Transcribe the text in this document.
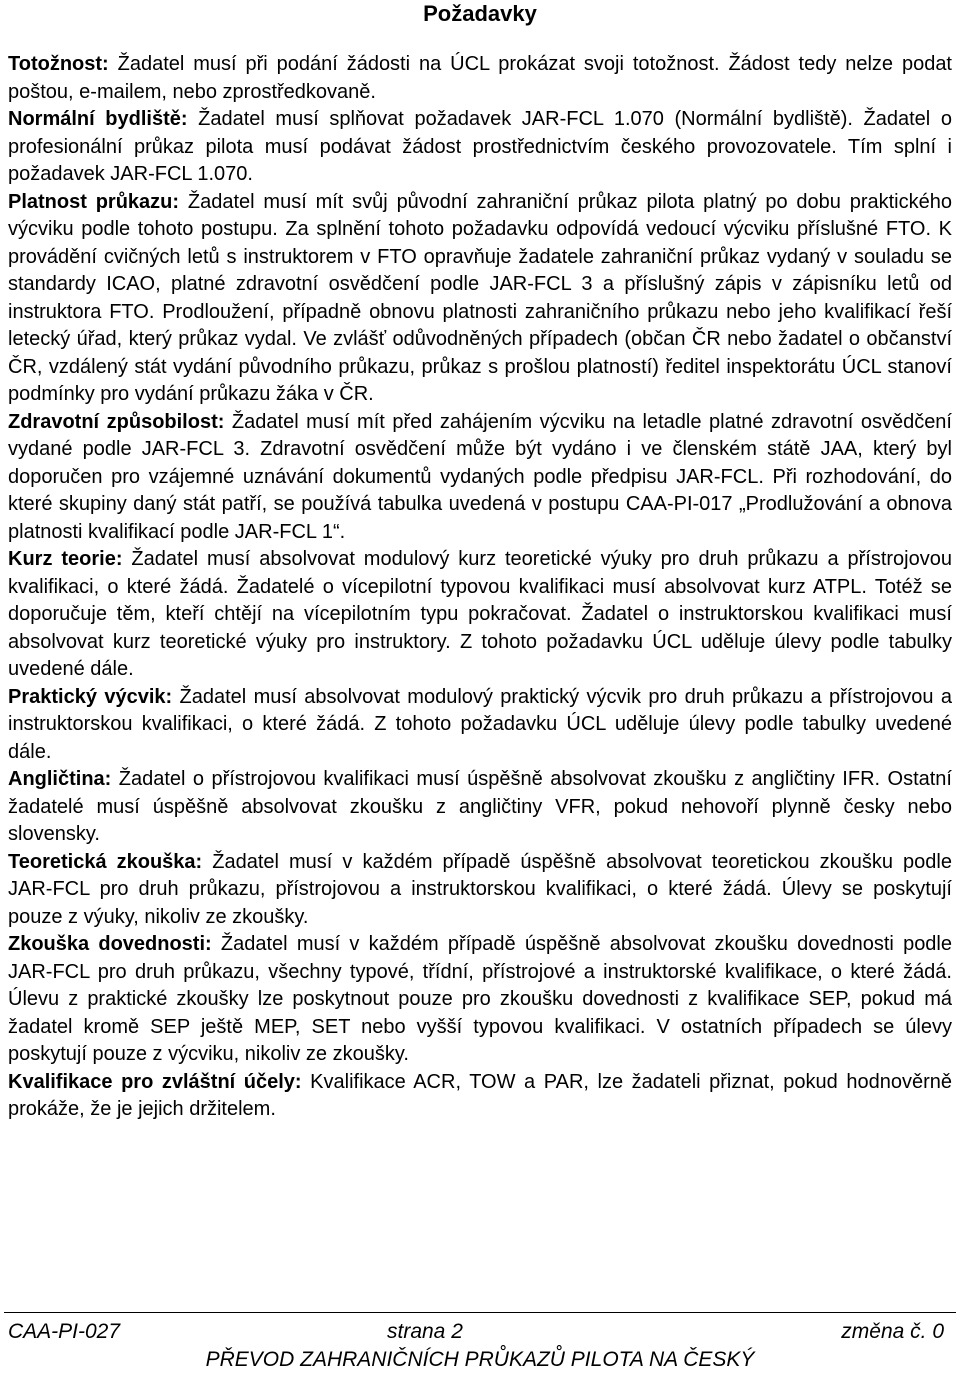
Požadavky

Totožnost: Žadatel musí při podání žádosti na ÚCL prokázat svoji totožnost. Žádost tedy nelze podat poštou, e-mailem, nebo zprostředkovaně.

Normální bydliště: Žadatel musí splňovat požadavek JAR-FCL 1.070 (Normální bydliště). Žadatel o profesionální průkaz pilota musí podávat žádost prostřednictvím českého provozovatele. Tím splní i požadavek JAR-FCL 1.070.

Platnost průkazu: Žadatel musí mít svůj původní zahraniční průkaz pilota platný po dobu praktického výcviku podle tohoto postupu. Za splnění tohoto požadavku odpovídá vedoucí výcviku příslušné FTO. K provádění cvičných letů s instruktorem v FTO opravňuje žadatele zahraniční průkaz vydaný v souladu se standardy ICAO, platné zdravotní osvědčení podle JAR-FCL 3 a příslušný zápis v zápisníku letů od instruktora FTO. Prodloužení, případně obnovu platnosti zahraničního průkazu nebo jeho kvalifikací řeší letecký úřad, který průkaz vydal. Ve zvlášť odůvodněných případech (občan ČR nebo žadatel o občanství ČR, vzdálený stát vydání původního průkazu, průkaz s prošlou platností) ředitel inspektorátu ÚCL stanoví podmínky pro vydání průkazu žáka v ČR.

Zdravotní způsobilost: Žadatel musí mít před zahájením výcviku na letadle platné zdravotní osvědčení vydané podle JAR-FCL 3. Zdravotní osvědčení může být vydáno i ve členském státě JAA, který byl doporučen pro vzájemné uznávání dokumentů vydaných podle předpisu JAR-FCL. Při rozhodování, do které skupiny daný stát patří, se používá tabulka uvedená v postupu CAA-PI-017 „Prodlužování a obnova platnosti kvalifikací podle JAR-FCL 1“.

Kurz teorie: Žadatel musí absolvovat modulový kurz teoretické výuky pro druh průkazu a přístrojovou kvalifikaci, o které žádá. Žadatelé o vícepilotní typovou kvalifikaci musí absolvovat kurz ATPL. Totéž se doporučuje těm, kteří chtějí na vícepilotním typu pokračovat. Žadatel o instruktorskou kvalifikaci musí absolvovat kurz teoretické výuky pro instruktory. Z tohoto požadavku ÚCL uděluje úlevy podle tabulky uvedené dále.

Praktický výcvik: Žadatel musí absolvovat modulový praktický výcvik pro druh průkazu a přístrojovou a instruktorskou kvalifikaci, o které žádá. Z tohoto požadavku ÚCL uděluje úlevy podle tabulky uvedené dále.

Angličtina: Žadatel o přístrojovou kvalifikaci musí úspěšně absolvovat zkoušku z angličtiny IFR. Ostatní žadatelé musí úspěšně absolvovat zkoušku z angličtiny VFR, pokud nehovoří plynně česky nebo slovensky.

Teoretická zkouška: Žadatel musí v každém případě úspěšně absolvovat teoretickou zkoušku podle JAR-FCL pro druh průkazu, přístrojovou a instruktorskou kvalifikaci, o které žádá. Úlevy se poskytují pouze z výuky, nikoliv ze zkoušky.

Zkouška dovednosti: Žadatel musí v každém případě úspěšně absolvovat zkoušku dovednosti podle JAR-FCL pro druh průkazu, všechny typové, třídní, přístrojové a instruktorské kvalifikace, o které žádá. Úlevu z praktické zkoušky lze poskytnout pouze pro zkoušku dovednosti z kvalifikace SEP, pokud má žadatel kromě SEP ještě MEP, SET nebo vyšší typovou kvalifikaci. V ostatních případech se úlevy poskytují pouze z výcviku, nikoliv ze zkoušky.

Kvalifikace pro zvláštní účely: Kvalifikace ACR, TOW a PAR, lze žadateli přiznat, pokud hodnověrně prokáže, že je jejich držitelem.

CAA-PI-027	strana 2	změna č. 0
PŘEVOD ZAHRANIČNÍCH PRŮKAZŮ PILOTA NA ČESKÝ
